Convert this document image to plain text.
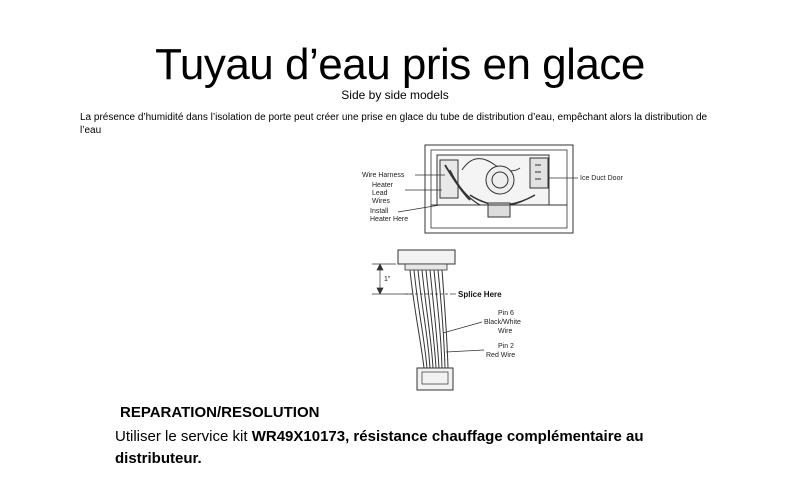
Tuyau d’eau pris en glace
Side by side models
La présence d’humidité dans l’isolation de porte peut créer une prise en glace du tube de distribution d’eau, empêchant alors la distribution de l’eau
Wire Harness
Heater
Lead
Wires
Install
Heater Here
Ice Duct Door
1"
Splice Here
Pin 6
Black/White
Wire
Pin 2
Red Wire
REPARATION/RESOLUTION
Utiliser le service kit WR49X10173, résistance chauffage complémentaire au distributeur.
